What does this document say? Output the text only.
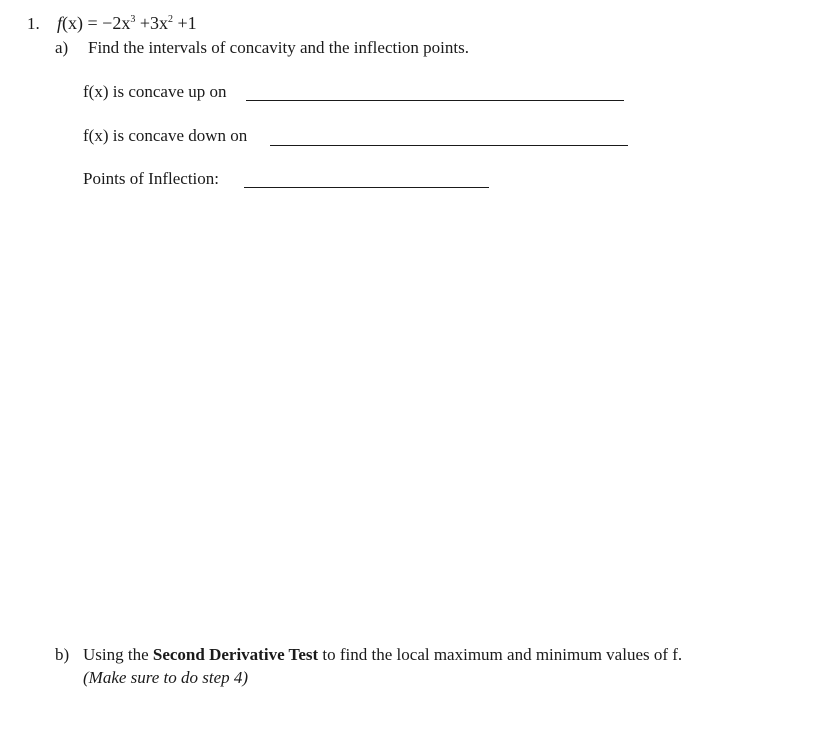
1. $f(x) = -2x^3 +3x^2 +1$
a) Find the intervals of concavity and the inflection points.
f(x) is concave up on
f(x) is concave down on
Points of Inflection:
b) Using the Second Derivative Test to find the local maximum and minimum values of f.
(Make sure to do step 4)
